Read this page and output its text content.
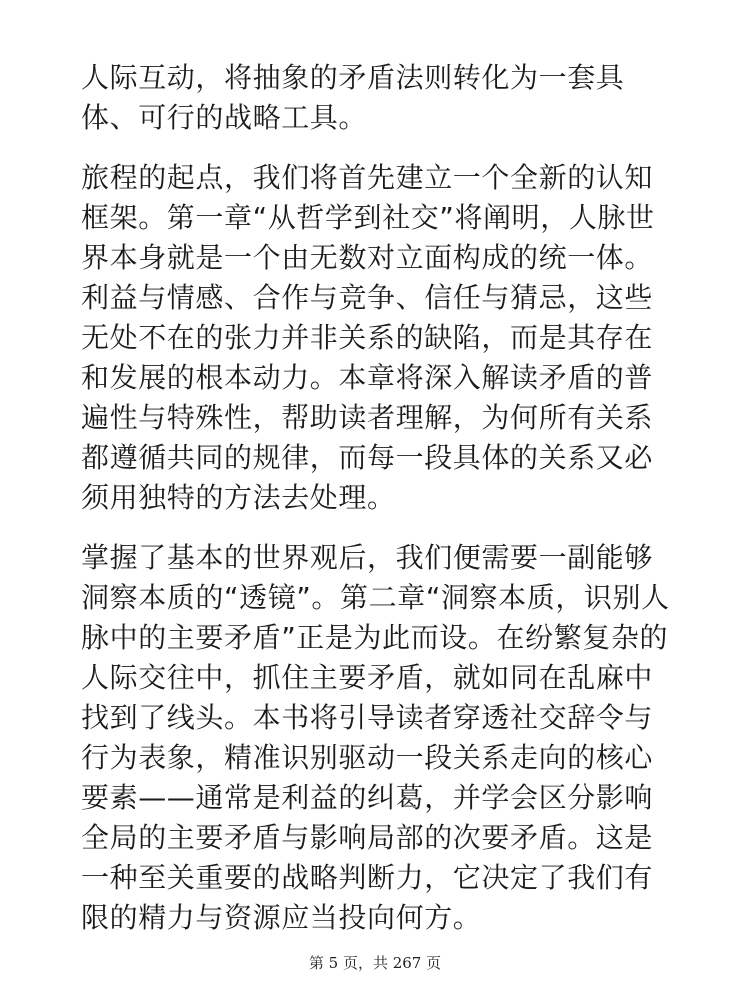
人际互动，将抽象的矛盾法则转化为一套具体、可行的战略工具。

旅程的起点，我们将首先建立一个全新的认知框架。第一章“从哲学到社交”将阐明，人脉世界本身就是一个由无数对立面构成的统一体。利益与情感、合作与竞争、信任与猜忌，这些无处不在的张力并非关系的缺陷，而是其存在和发展的根本动力。本章将深入解读矛盾的普遍性与特殊性，帮助读者理解，为何所有关系都遵循共同的规律，而每一段具体的关系又必须用独特的方法去处理。

掌握了基本的世界观后，我们便需要一副能够洞察本质的“透镜”。第二章“洞察本质，识别人脉中的主要矛盾”正是为此而设。在纷繁复杂的人际交往中，抓住主要矛盾，就如同在乱麻中找到了线头。本书将引导读者穿透社交辞令与行为表象，精准识别驱动一段关系走向的核心要素——通常是利益的纠葛，并学会区分影响全局的主要矛盾与影响局部的次要矛盾。这是一种至关重要的战略判断力，它决定了我们有限的精力与资源应当投向何方。

第 5 页，共 267 页
